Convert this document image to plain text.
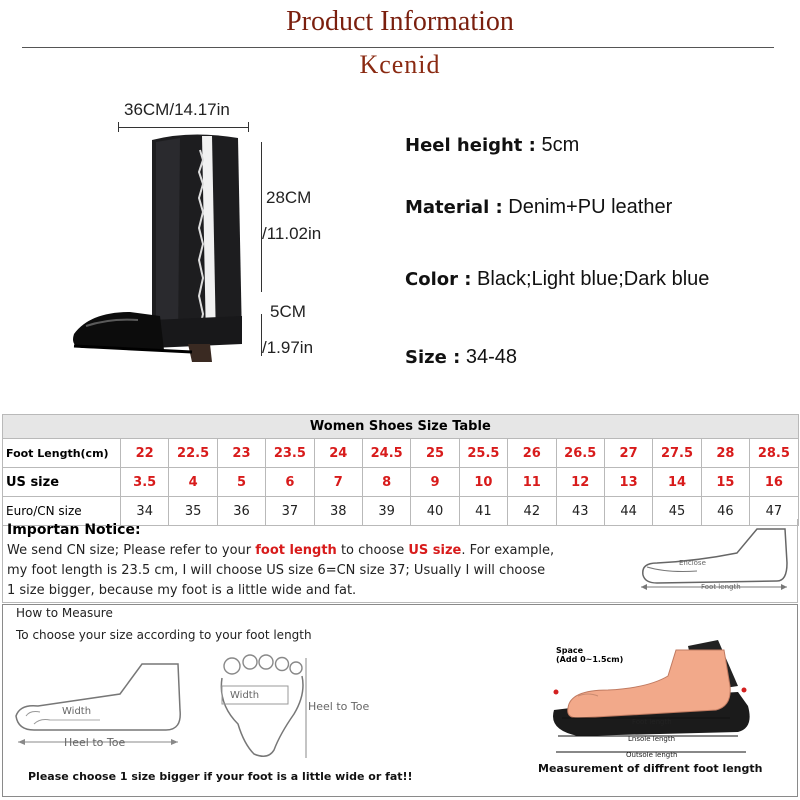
Product Information
Kcenid
36CM/14.17in
28CM
/11.02in
5CM
/1.97in
Heel height : 5cm
Material : Denim+PU leather
Color : Black;Light blue;Dark blue
Size : 34-48
Women Shoes Size Table														
Foot Length(cm)	22	22.5	23	23.5	24	24.5	25	25.5	26	26.5	27	27.5	28	28.5
US size	3.5	4	5	6	7	8	9	10	11	12	13	14	15	16
Euro/CN size	34	35	36	37	38	39	40	41	42	43	44	45	46	47
Importan Notice:
We send CN size; Please refer to your foot length to choose US size. For example,
my foot length is 23.5 cm, I will choose US size 6=CN size 37; Usually I will choose
1 size bigger, because my foot is a little wide and fat.
Enclose
Foot length
How to Measure
To choose your size according to your foot length
Width
Heel to Toe
Width
Heel to Toe
Space
(Add 0~1.5cm)
Foot length
Lnsole length
Outsole length
Please choose 1 size bigger if your foot is a little wide or fat!!
Measurement of diffrent foot length
